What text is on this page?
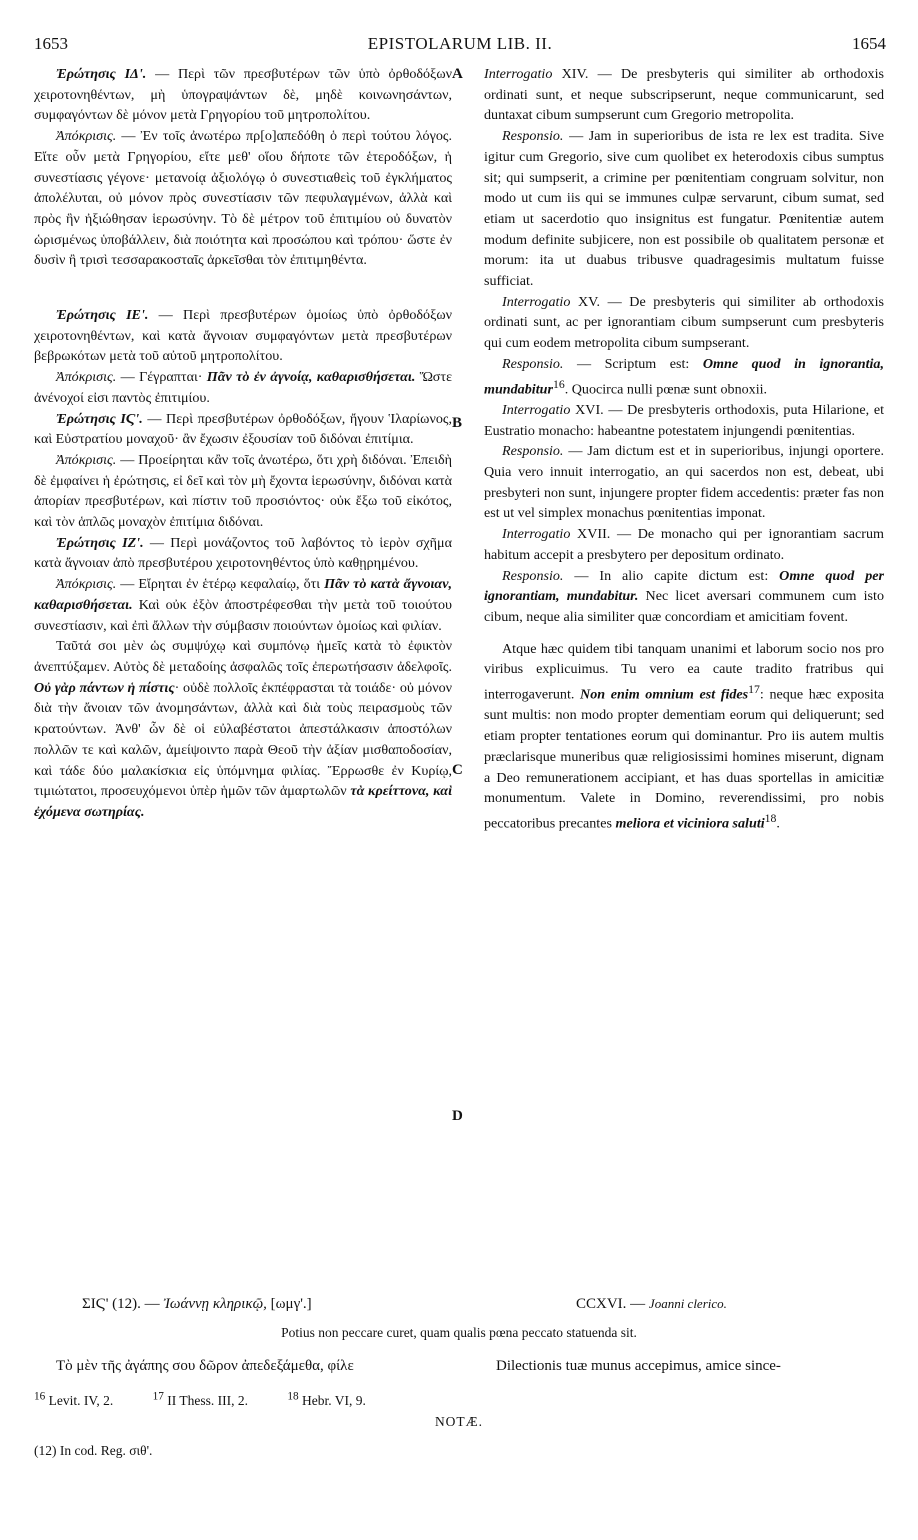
1653	EPISTOLARUM LIB. II.	1654
A
B
C
D

Ἐρώτησις ΙΔ'. — Περὶ τῶν πρεσβυτέρων τῶν ὑπὸ ὀρθοδόξων χειροτονηθέντων, μὴ ὑπογραψάντων δὲ, μηδὲ κοινωνησάντων, συμφαγόντων δὲ μόνον μετὰ Γρηγορίου τοῦ μητροπολίτου.

Ἀπόκρισις. — Ἐν τοῖς ἀνωτέρω πρ[ο]απεδόθη ὁ περὶ τούτου λόγος. Εἴτε οὖν μετὰ Γρηγορίου, εἴτε μεθ' οἵου δήποτε τῶν ἑτεροδόξων, ἡ συνεστίασις γέγονε· μετανοίᾳ ἀξιολόγῳ ὁ συνεστιαθεὶς τοῦ ἐγκλήματος ἀπολέλυται, οὐ μόνον πρὸς συνεστίασιν τῶν πεφυλαγμένων, ἀλλὰ καὶ πρὸς ἣν ἠξιώθησαν ἱερωσύνην. Τὸ δὲ μέτρον τοῦ ἐπιτιμίου οὐ δυνατὸν ὡρισμένως ὑποβάλλειν, διὰ ποιότητα καὶ προσώπου καὶ τρόπου· ὥστε ἐν δυσὶν ἢ τρισὶ τεσσαρακοσταῖς ἀρκεῖσθαι τὸν ἐπιτιμηθέντα.

Ἐρώτησις ΙΕ'. — Περὶ πρεσβυτέρων ὁμοίως ὑπὸ ὀρθοδόξων χειροτονηθέντων, καὶ κατὰ ἄγνοιαν συμφαγόντων μετὰ πρεσβυτέρων βεβρωκότων μετὰ τοῦ αὐτοῦ μητροπολίτου.

Ἀπόκρισις. — Γέγραπται· Πᾶν τὸ ἐν ἀγνοίᾳ, καθαρισθήσεται. Ὥστε ἀνένοχοί εἰσι παντὸς ἐπιτιμίου.

Ἐρώτησις ΙϚ'. — Περὶ πρεσβυτέρων ὀρθοδόξων, ἤγουν Ἱλαρίωνος, καὶ Εὐστρατίου μοναχοῦ· ἂν ἔχωσιν ἐξουσίαν τοῦ διδόναι ἐπιτίμια.

Ἀπόκρισις. — Προείρηται κἂν τοῖς ἀνωτέρω, ὅτι χρὴ διδόναι. Ἐπειδὴ δὲ ἐμφαίνει ἡ ἐρώτησις, εἰ δεῖ καὶ τὸν μὴ ἔχοντα ἱερωσύνην, διδόναι κατὰ ἀπορίαν πρεσβυτέρων, καὶ πίστιν τοῦ προσιόντος· οὐκ ἔξω τοῦ εἰκότος, καὶ τὸν ἁπλῶς μοναχὸν ἐπιτίμια διδόναι.

Ἐρώτησις ΙΖ'. — Περὶ μονάζοντος τοῦ λαβόντος τὸ ἱερὸν σχῆμα κατὰ ἄγνοιαν ἀπὸ πρεσβυτέρου χειροτονηθέντος ὑπὸ καθῃρημένου.

Ἀπόκρισις. — Εἴρηται ἐν ἑτέρῳ κεφαλαίῳ, ὅτι Πᾶν τὸ κατὰ ἄγνοιαν, καθαρισθήσεται. Καὶ οὐκ ἐξὸν ἀποστρέφεσθαι τὴν μετὰ τοῦ τοιούτου συνεστίασιν, καὶ ἐπὶ ἄλλων τὴν σύμβασιν ποιούντων ὁμοίως καὶ φιλίαν.

Ταῦτά σοι μὲν ὡς συμψύχῳ καὶ συμπόνῳ ἡμεῖς κατὰ τὸ ἐφικτὸν ἀνεπτύξαμεν. Αὐτὸς δὲ μεταδοίης ἀσφαλῶς τοῖς ἐπερωτήσασιν ἀδελφοῖς. Οὐ γὰρ πάντων ἡ πίστις· οὐδὲ πολλοῖς ἐκπέφρασται τὰ τοιάδε· οὐ μόνον διὰ τὴν ἄνοιαν τῶν ἀνομησάντων, ἀλλὰ καὶ διὰ τοὺς πειρασμοὺς τῶν κρατούντων. Ἀνθ' ὧν δὲ οἱ εὐλαβέστατοι ἀπεστάλκασιν ἀποστόλων πολλῶν τε καὶ καλῶν, ἀμείψοιντο παρὰ Θεοῦ τὴν ἀξίαν μισθαποδοσίαν, καὶ τάδε δύο μαλακίσκια εἰς ὑπόμνημα φιλίας. Ἔρρωσθε ἐν Κυρίῳ, τιμιώτατοι, προσευχόμενοι ὑπὲρ ἡμῶν τῶν ἁμαρτωλῶν τὰ κρείττονα, καὶ ἐχόμενα σωτηρίας.

Interrogatio XIV. — De presbyteris qui similiter ab orthodoxis ordinati sunt, et neque subscripserunt, neque communicarunt, sed duntaxat cibum sumpserunt cum Gregorio metropolita.

Responsio. — Jam in superioribus de ista re lex est tradita. Sive igitur cum Gregorio, sive cum quolibet ex heterodoxis cibus sumptus sit; qui sumpserit, a crimine per pœnitentiam congruam solvitur, non modo ut cum iis qui se immunes culpæ servarunt, cibum sumat, sed etiam ut sacerdotio quo insignitus est fungatur. Pœnitentiæ autem modum definite subjicere, non est possibile ob qualitatem personæ et morum: ita ut duabus tribusve quadragesimis multatum fuisse sufficiat.

Interrogatio XV. — De presbyteris qui similiter ab orthodoxis ordinati sunt, ac per ignorantiam cibum sumpserunt cum presbyteris qui cum eodem metropolita cibum sumpserant.

Responsio. — Scriptum est: Omne quod in ignorantia, mundabitur$^{16}$. Quocirca nulli pœnæ sunt obnoxii.

Interrogatio XVI. — De presbyteris orthodoxis, puta Hilarione, et Eustratio monacho: habeantne potestatem injungendi pœnitentias.

Responsio. — Jam dictum est et in superioribus, injungi oportere. Quia vero innuit interrogatio, an qui sacerdos non est, debeat, ubi presbyteri non sunt, injungere propter fidem accedentis: præter fas non est ut vel simplex monachus pœnitentias imponat.

Interrogatio XVII. — De monacho qui per ignorantiam sacrum habitum accepit a presbytero per depositum ordinato.

Responsio. — In alio capite dictum est: Omne quod per ignorantiam, mundabitur. Nec licet aversari communem cum isto cibum, neque alia similiter quæ concordiam et amicitiam fovent.

Atque hæc quidem tibi tanquam unanimi et laborum socio nos pro viribus explicuimus. Tu vero ea caute tradito fratribus qui interrogaverunt. Non enim omnium est fides$^{17}$: neque hæc exposita sunt multis: non modo propter dementiam eorum qui deliquerunt; sed etiam propter tentationes eorum qui dominantur. Pro iis autem multis præclarisque muneribus quæ religiosissimi homines miserunt, dignam a Deo remunerationem accipiant, et has duas sportellas in amicitiæ monumentum. Valete in Domino, reverendissimi, pro nobis peccatoribus precantes meliora et viciniora saluti$^{18}$.

ΣΙϚ' (12). — Ἰωάννῃ κληρικῷ, [ωμγ'.]	CCXVI. — Joanni clerico.
Potius non peccare curet, quam qualis pœna peccato statuenda sit.
Τὸ μὲν τῆς ἀγάπης σου δῶρον ἀπεδεξάμεθα, φίλε	Dilectionis tuæ munus accepimus, amice since-
$^{16}$ Levit. IV, 2.	$^{17}$ II Thess. III, 2.	$^{18}$ Hebr. VI, 9.
NOTÆ.
(12) In cod. Reg. σιθ'.
